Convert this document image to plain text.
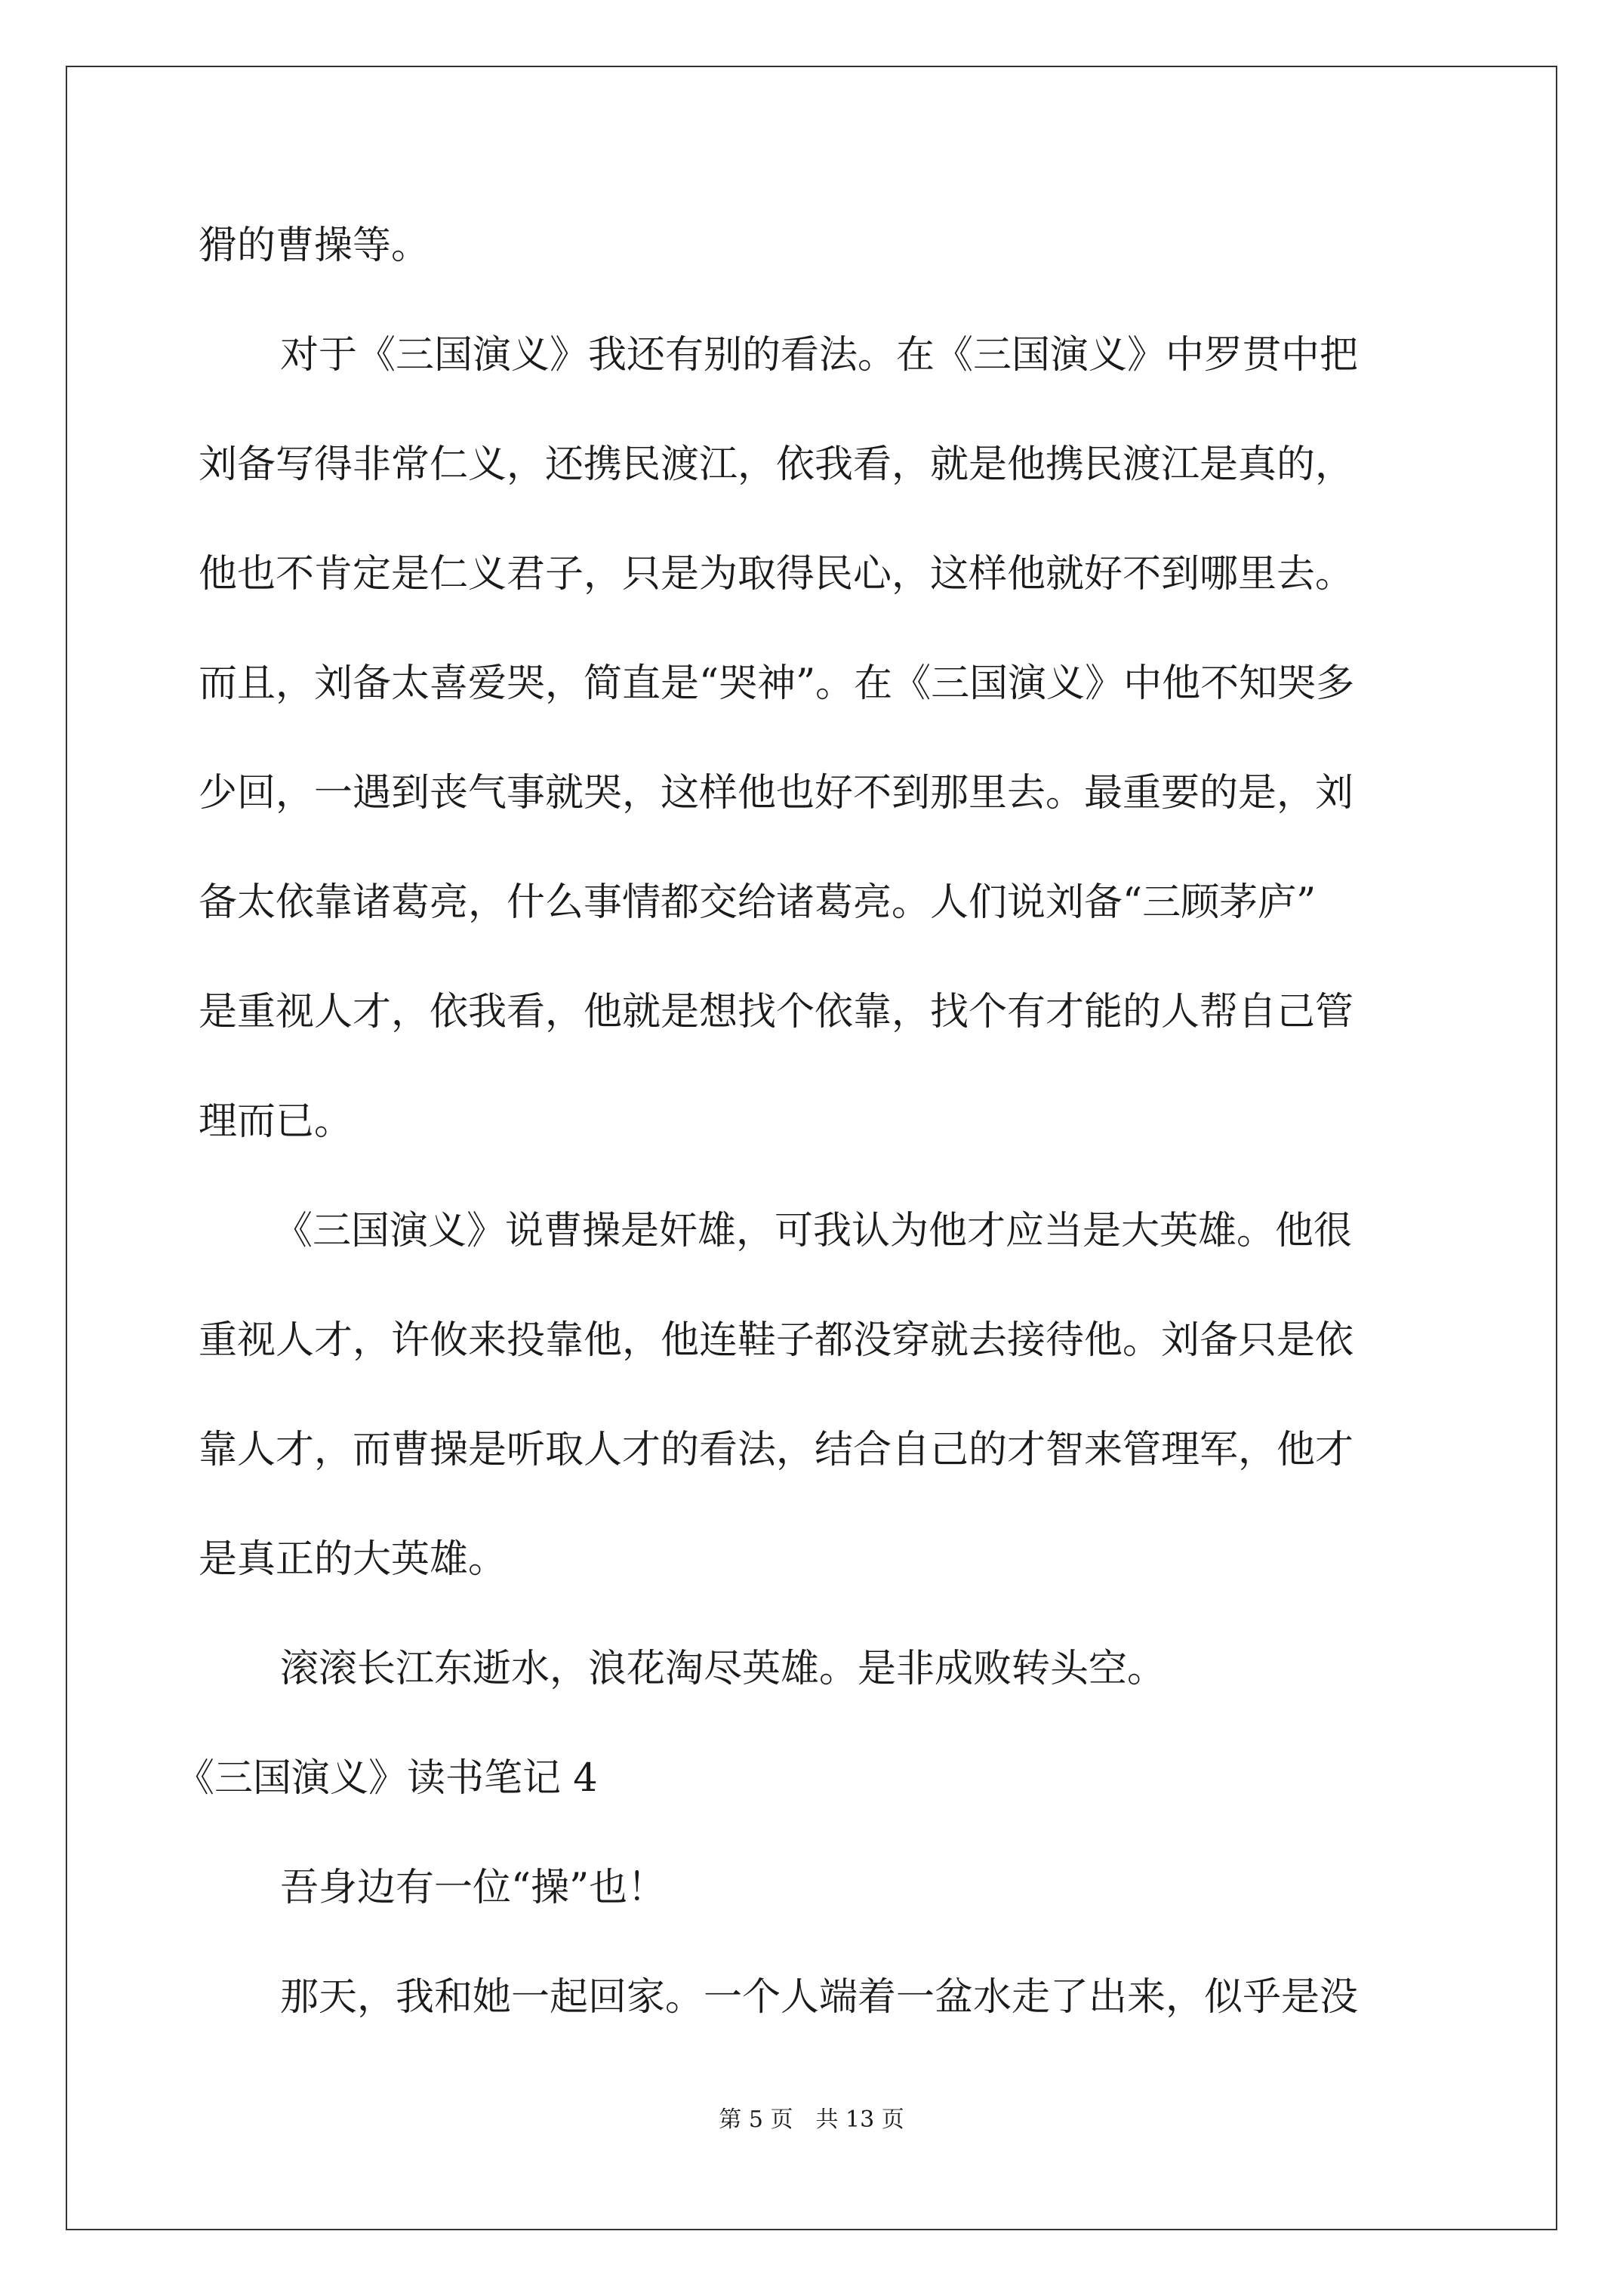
猾的曹操等。
对于《三国演义》我还有别的看法。在《三国演义》中罗贯中把
刘备写得非常仁义，还携民渡江，依我看，就是他携民渡江是真的，
他也不肯定是仁义君子，只是为取得民心，这样他就好不到哪里去。
而且，刘备太喜爱哭，简直是“哭神”。在《三国演义》中他不知哭多
少回，一遇到丧气事就哭，这样他也好不到那里去。最重要的是，刘
备太依靠诸葛亮，什么事情都交给诸葛亮。人们说刘备“三顾茅庐”
是重视人才，依我看，他就是想找个依靠，找个有才能的人帮自己管
理而已。
《三国演义》说曹操是奸雄，可我认为他才应当是大英雄。他很
重视人才，许攸来投靠他，他连鞋子都没穿就去接待他。刘备只是依
靠人才，而曹操是听取人才的看法，结合自己的才智来管理军，他才
是真正的大英雄。
滚滚长江东逝水，浪花淘尽英雄。是非成败转头空。
《三国演义》读书笔记 4
吾身边有一位“操”也！
那天，我和她一起回家。一个人端着一盆水走了出来，似乎是没
第 5 页　共 13 页
